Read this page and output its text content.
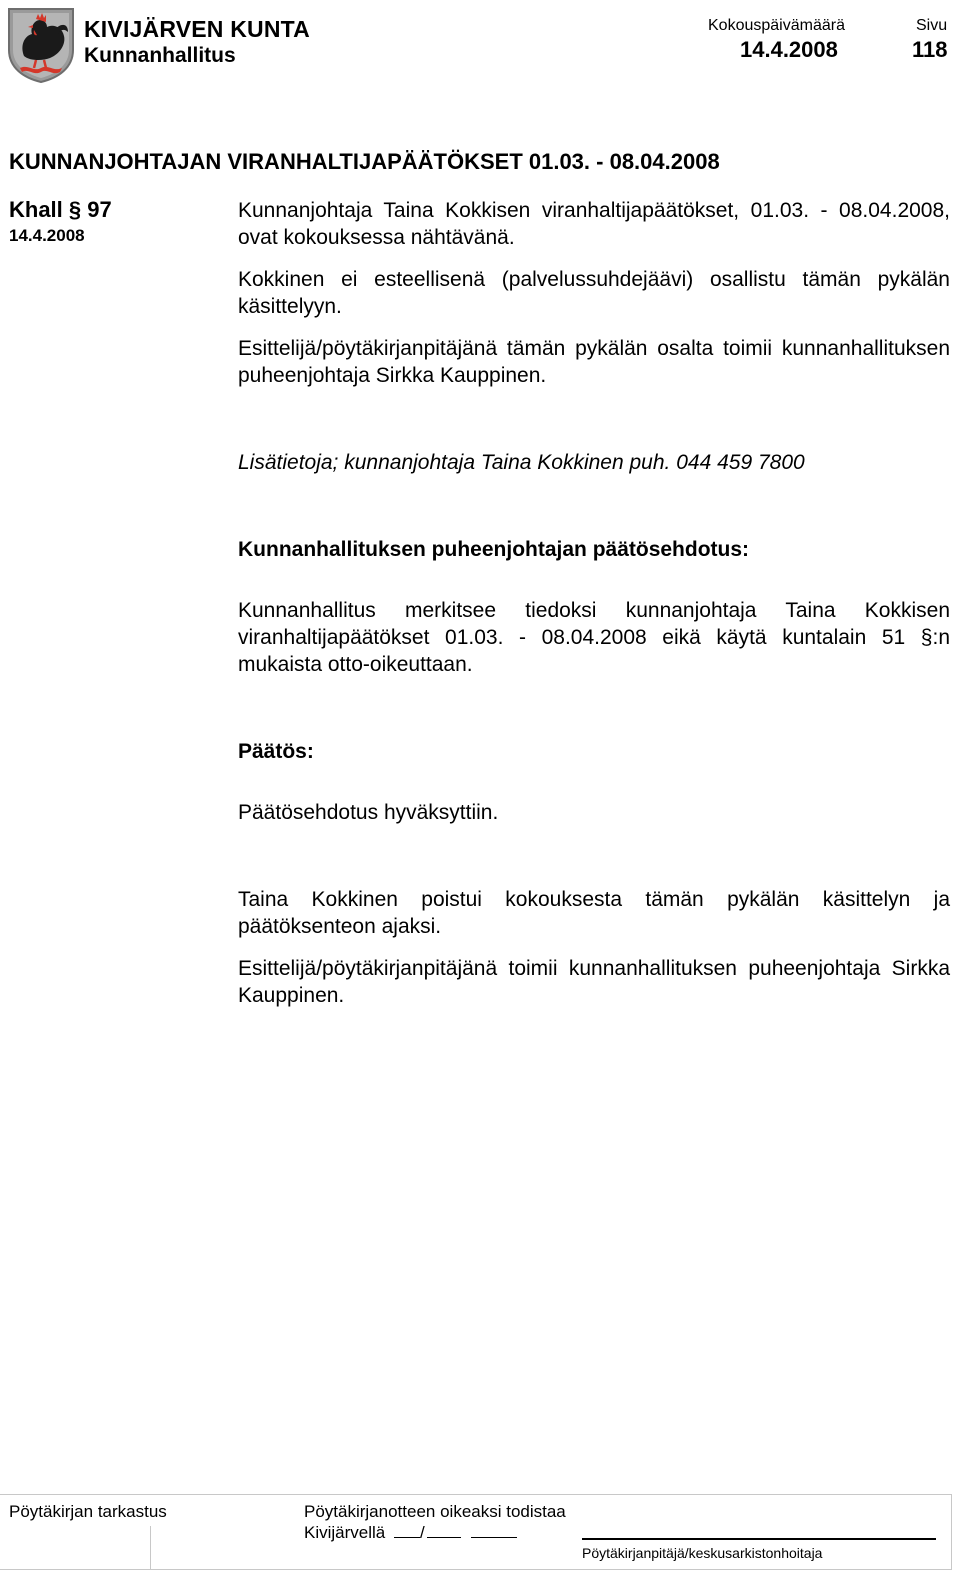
KIVIJÄRVEN KUNTA
Kunnanhallitus
Kokouspäivämäärä
14.4.2008
Sivu
118
KUNNANJOHTAJAN VIRANHALTIJAPÄÄTÖKSET 01.03. - 08.04.2008
Khall § 97
14.4.2008

Kunnanjohtaja Taina Kokkisen viranhaltijapäätökset, 01.03. - 08.04.2008, ovat kokouksessa nähtävänä.

Kokkinen ei esteellisenä (palvelussuhdejäävi) osallistu tämän pykälän käsittelyyn.

Esittelijä/pöytäkirjanpitäjänä tämän pykälän osalta toimii kunnanhallituksen puheenjohtaja Sirkka Kauppinen.

Lisätietoja; kunnanjohtaja Taina Kokkinen puh. 044 459 7800

Kunnanhallituksen puheenjohtajan päätösehdotus:

Kunnanhallitus merkitsee tiedoksi kunnanjohtaja Taina Kokkisen viranhaltijapäätökset 01.03. - 08.04.2008 eikä käytä kuntalain 51 §:n mukaista otto-oikeuttaan.

Päätös:

Päätösehdotus hyväksyttiin.

Taina Kokkinen poistui kokouksesta tämän pykälän käsittelyn ja päätöksenteon ajaksi.

Esittelijä/pöytäkirjanpitäjänä toimii kunnanhallituksen puheenjohtaja Sirkka Kauppinen.

Pöytäkirjan tarkastus	Pöytäkirjanotteen oikeaksi todistaa
Kivijärvellä /
Pöytäkirjanpitäjä/keskusarkistonhoitaja
